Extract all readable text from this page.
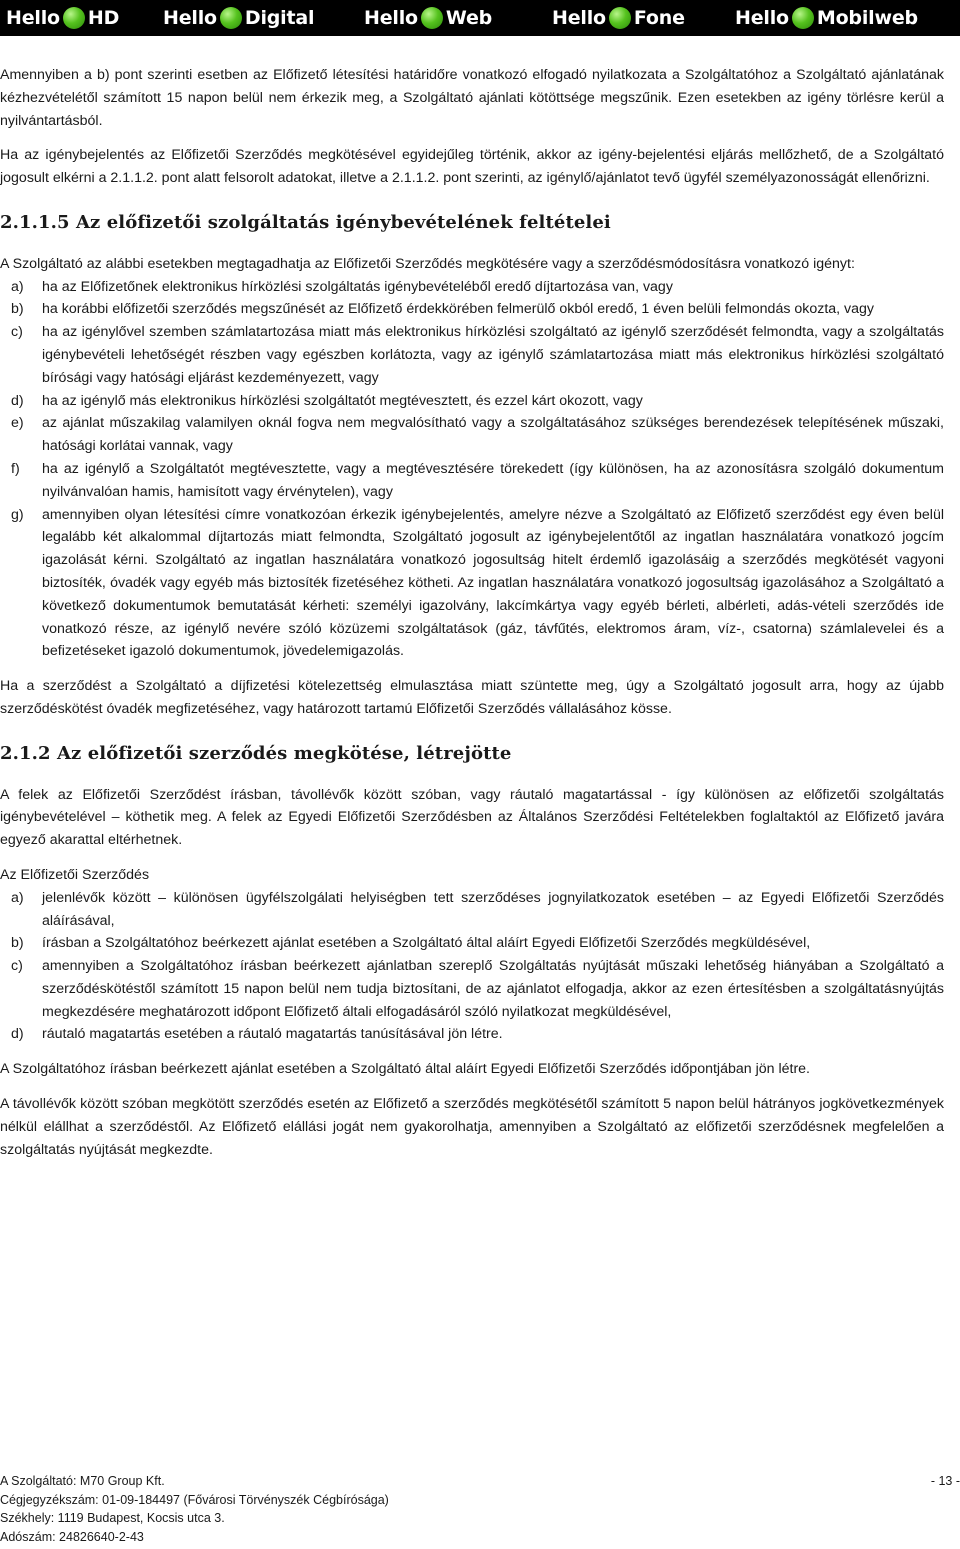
Hello HD Hello Digital	Hello Web	Hello Fone	Hello Mobilweb

Amennyiben a b) pont szerinti esetben az Előfizető létesítési határidőre vonatkozó elfogadó nyilatkozata a Szolgáltatóhoz a Szolgáltató ajánlatának kézhezvételétől számított 15 napon belül nem érkezik meg, a Szolgáltató ajánlati kötöttsége megszűnik. Ezen esetekben az igény törlésre kerül a nyilvántartásból.

Ha az igénybejelentés az Előfizetői Szerződés megkötésével egyidejűleg történik, akkor az igény-bejelentési eljárás mellőzhető, de a Szolgáltató jogosult elkérni a 2.1.1.2. pont alatt felsorolt adatokat, illetve a 2.1.1.2. pont szerinti, az igénylő/ajánlatot tevő ügyfél személyazonosságát ellenőrizni.

2.1.1.5 Az előfizetői szolgáltatás igénybevételének feltételei

A Szolgáltató az alábbi esetekben megtagadhatja az Előfizetői Szerződés megkötésére vagy a szerződésmódosításra vonatkozó igényt:

a) ha az Előfizetőnek elektronikus hírközlési szolgáltatás igénybevételéből eredő díjtartozása van, vagy
b) ha korábbi előfizetői szerződés megszűnését az Előfizető érdekkörében felmerülő okból eredő, 1 éven belüli felmondás okozta, vagy
c) ha az igénylővel szemben számlatartozása miatt más elektronikus hírközlési szolgáltató az igénylő szerződését felmondta, vagy a szolgáltatás igénybevételi lehetőségét részben vagy egészben korlátozta, vagy az igénylő számlatartozása miatt más elektronikus hírközlési szolgáltató bírósági vagy hatósági eljárást kezdeményezett, vagy
d) ha az igénylő más elektronikus hírközlési szolgáltatót megtévesztett, és ezzel kárt okozott, vagy
e) az ajánlat műszakilag valamilyen oknál fogva nem megvalósítható vagy a szolgáltatásához szükséges berendezések telepítésének műszaki, hatósági korlátai vannak, vagy
f) ha az igénylő a Szolgáltatót megtévesztette, vagy a megtévesztésére törekedett (így különösen, ha az azonosításra szolgáló dokumentum nyilvánvalóan hamis, hamisított vagy érvénytelen), vagy
g) amennyiben olyan létesítési címre vonatkozóan érkezik igénybejelentés, amelyre nézve a Szolgáltató az Előfizető szerződést egy éven belül legalább két alkalommal díjtartozás miatt felmondta, Szolgáltató jogosult az igénybejelentőtől az ingatlan használatára vonatkozó jogcím igazolását kérni. Szolgáltató az ingatlan használatára vonatkozó jogosultság hitelt érdemlő igazolásáig a szerződés megkötését vagyoni biztosíték, óvadék vagy egyéb más biztosíték fizetéséhez kötheti. Az ingatlan használatára vonatkozó jogosultság igazolásához a Szolgáltató a következő dokumentumok bemutatását kérheti: személyi igazolvány, lakcímkártya vagy egyéb bérleti, albérleti, adás-vételi szerződés ide vonatkozó része, az igénylő nevére szóló közüzemi szolgáltatások (gáz, távfűtés, elektromos áram, víz-, csatorna) számlalevelei és a befizetéseket igazoló dokumentumok, jövedelemigazolás.

Ha a szerződést a Szolgáltató a díjfizetési kötelezettség elmulasztása miatt szüntette meg, úgy a Szolgáltató jogosult arra, hogy az újabb szerződéskötést óvadék megfizetéséhez, vagy határozott tartamú Előfizetői Szerződés vállalásához kösse.

2.1.2 Az előfizetői szerződés megkötése, létrejötte

A felek az Előfizetői Szerződést írásban, távollévők között szóban, vagy ráutaló magatartással - így különösen az előfizetői szolgáltatás igénybevételével – köthetik meg. A felek az Egyedi Előfizetői Szerződésben az Általános Szerződési Feltételekben foglaltaktól az Előfizető javára egyező akarattal eltérhetnek.

Az Előfizetői Szerződés

a) jelenlévők között – különösen ügyfélszolgálati helyiségben tett szerződéses jognyilatkozatok esetében – az Egyedi Előfizetői Szerződés aláírásával,
b) írásban a Szolgáltatóhoz beérkezett ajánlat esetében a Szolgáltató által aláírt Egyedi Előfizetői Szerződés megküldésével,
c) amennyiben a Szolgáltatóhoz írásban beérkezett ajánlatban szereplő Szolgáltatás nyújtását műszaki lehetőség hiányában a Szolgáltató a szerződéskötéstől számított 15 napon belül nem tudja biztosítani, de az ajánlatot elfogadja, akkor az ezen értesítésben a szolgáltatásnyújtás megkezdésére meghatározott időpont Előfizető általi elfogadásáról szóló nyilatkozat megküldésével,
d) ráutaló magatartás esetében a ráutaló magatartás tanúsításával jön létre.

A Szolgáltatóhoz írásban beérkezett ajánlat esetében a Szolgáltató által aláírt Egyedi Előfizetői Szerződés időpontjában jön létre.

A távollévők között szóban megkötött szerződés esetén az Előfizető a szerződés megkötésétől számított 5 napon belül hátrányos jogkövetkezmények nélkül elállhat a szerződéstől. Az Előfizető elállási jogát nem gyakorolhatja, amennyiben a Szolgáltató az előfizetői szerződésnek megfelelően a szolgáltatás nyújtását megkezdte.

A Szolgáltató: M70 Group Kft.
Cégjegyzékszám: 01-09-184497 (Fővárosi Törvényszék Cégbírósága)
Székhely: 1119 Budapest, Kocsis utca 3.
Adószám: 24826640-2-43
- 13 -
